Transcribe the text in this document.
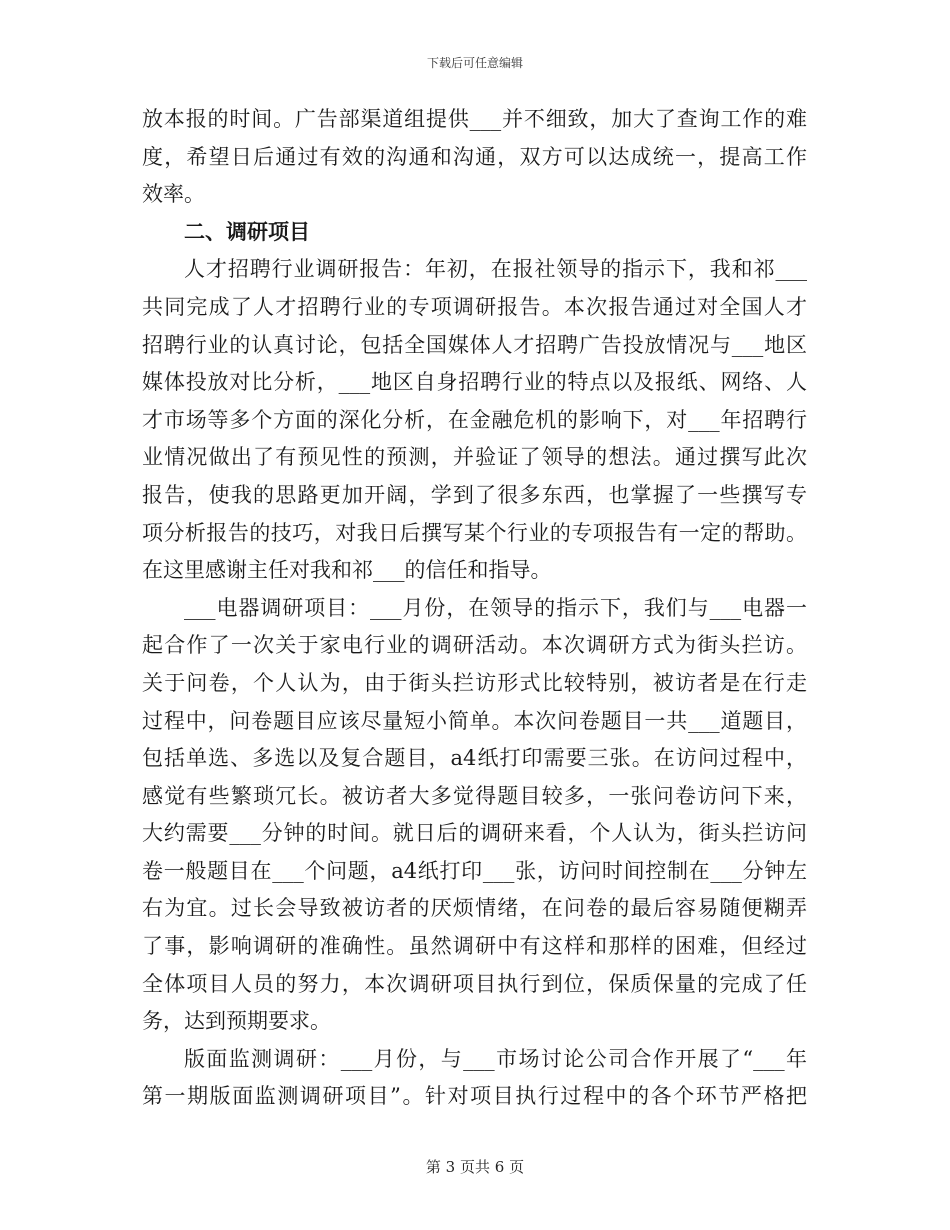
下载后可任意编辑
放本报的时间。广告部渠道组提供___并不细致，加大了查询工作的难
度，希望日后通过有效的沟通和沟通，双方可以达成统一，提高工作
效率。
二、调研项目
人才招聘行业调研报告：年初，在报社领导的指示下，我和祁___
共同完成了人才招聘行业的专项调研报告。本次报告通过对全国人才
招聘行业的认真讨论，包括全国媒体人才招聘广告投放情况与___地区
媒体投放对比分析，___地区自身招聘行业的特点以及报纸、网络、人
才市场等多个方面的深化分析，在金融危机的影响下，对___年招聘行
业情况做出了有预见性的预测，并验证了领导的想法。通过撰写此次
报告，使我的思路更加开阔，学到了很多东西，也掌握了一些撰写专
项分析报告的技巧，对我日后撰写某个行业的专项报告有一定的帮助。
在这里感谢主任对我和祁___的信任和指导。
___电器调研项目：___月份，在领导的指示下，我们与___电器一
起合作了一次关于家电行业的调研活动。本次调研方式为街头拦访。
关于问卷，个人认为，由于街头拦访形式比较特别，被访者是在行走
过程中，问卷题目应该尽量短小简单。本次问卷题目一共___道题目，
包括单选、多选以及复合题目，a4纸打印需要三张。在访问过程中，
感觉有些繁琐冗长。被访者大多觉得题目较多，一张问卷访问下来，
大约需要___分钟的时间。就日后的调研来看，个人认为，街头拦访问
卷一般题目在___个问题，a4纸打印___张，访问时间控制在___分钟左
右为宜。过长会导致被访者的厌烦情绪，在问卷的最后容易随便糊弄
了事，影响调研的准确性。虽然调研中有这样和那样的困难，但经过
全体项目人员的努力，本次调研项目执行到位，保质保量的完成了任
务，达到预期要求。
版面监测调研：___月份，与___市场讨论公司合作开展了“___年
第一期版面监测调研项目”。针对项目执行过程中的各个环节严格把
第 3 页共 6 页
